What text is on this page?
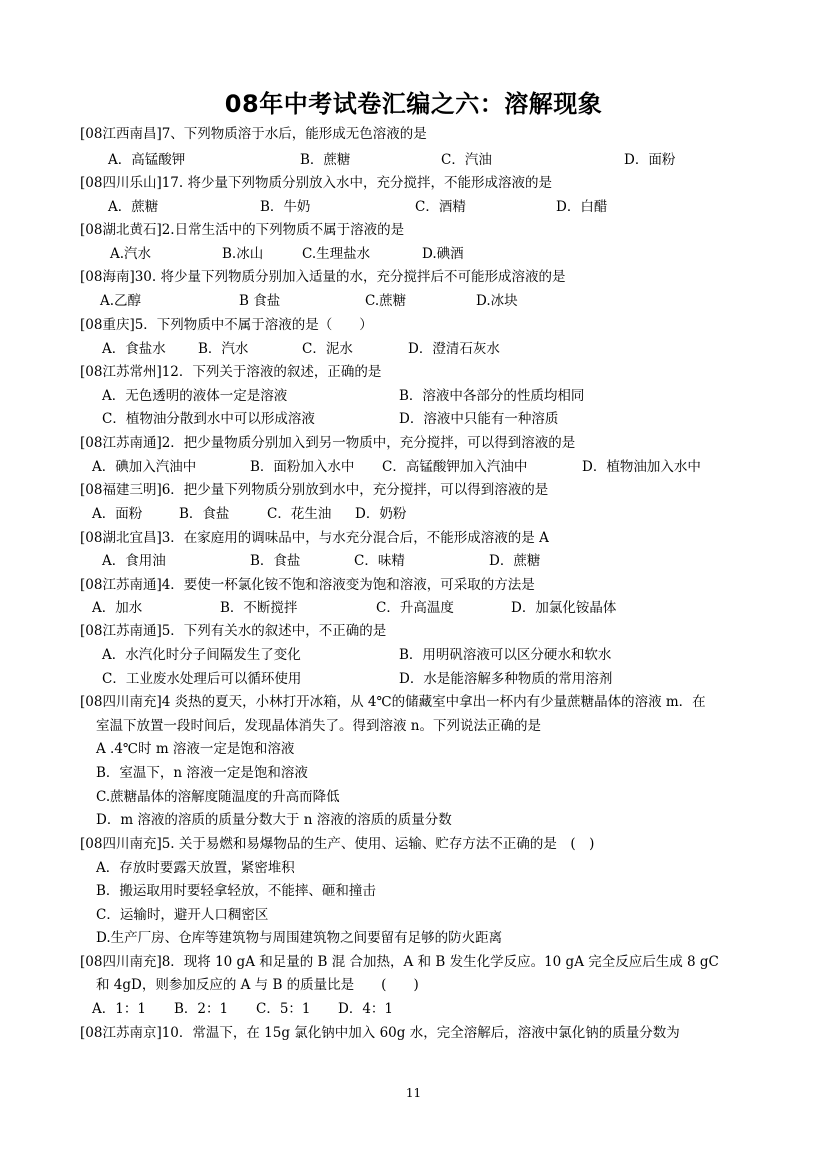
08年中考试卷汇编之六：溶解现象
[08江西南昌]7、下列物质溶于水后，能形成无色溶液的是
A．高锰酸钾	B．蔗糖	C．汽油	D．面粉
[08四川乐山]17. 将少量下列物质分别放入水中，充分搅拌，不能形成溶液的是
A．蔗糖	B．牛奶	C．酒精	D．白醋
[08湖北黄石]2.日常生活中的下列物质不属于溶液的是
A.汽水	B.冰山	C.生理盐水	D.碘酒
[08海南]30. 将少量下列物质分别加入适量的水，充分搅拌后不可能形成溶液的是
A.乙醇	B 食盐	C.蔗糖	D.冰块
[08重庆]5．下列物质中不属于溶液的是（　　）
A．食盐水	B．汽水	C．泥水	D．澄清石灰水
[08江苏常州]12．下列关于溶液的叙述，正确的是
A．无色透明的液体一定是溶液	B．溶液中各部分的性质均相同
C．植物油分散到水中可以形成溶液	D．溶液中只能有一种溶质
[08江苏南通]2．把少量物质分别加入到另一物质中，充分搅拌，可以得到溶液的是
A．碘加入汽油中	B．面粉加入水中	C．高锰酸钾加入汽油中	D．植物油加入水中
[08福建三明]6．把少量下列物质分别放到水中，充分搅拌，可以得到溶液的是
A．面粉	B．食盐	C．花生油	D．奶粉
[08湖北宜昌]3．在家庭用的调味品中，与水充分混合后，不能形成溶液的是 A
A．食用油	B．食盐	C．味精	D．蔗糖
[08江苏南通]4．要使一杯氯化铵不饱和溶液变为饱和溶液，可采取的方法是
A．加水	B．不断搅拌	C．升高温度	D．加氯化铵晶体
[08江苏南通]5．下列有关水的叙述中，不正确的是
A．水汽化时分子间隔发生了变化	B．用明矾溶液可以区分硬水和软水
C．工业废水处理后可以循环使用	D．水是能溶解多种物质的常用溶剂
[08四川南充]4 炎热的夏天，小林打开冰箱，从 4℃的储藏室中拿出一杯内有少量蔗糖晶体的溶液 m．在
室温下放置一段时间后，发现晶体消失了。得到溶液 n。下列说法正确的是
A .4℃时 m 溶液一定是饱和溶液
B．室温下，n 溶液一定是饱和溶液
C.蔗糖晶体的溶解度随温度的升高而降低
D．m 溶液的溶质的质量分数大于 n 溶液的溶质的质量分数
[08四川南充]5. 关于易燃和易爆物品的生产、使用、运输、贮存方法不正确的是　(　)
A．存放时要露天放置，紧密堆积
B．搬运取用时要轻拿轻放，不能摔、砸和撞击
C．运输时，避开人口稠密区
D.生产厂房、仓库等建筑物与周围建筑物之间要留有足够的防火距离
[08四川南充]8．现将 10 gA 和足量的 B 混 合加热，A 和 B 发生化学反应。10 gA 完全反应后生成 8 gC
和 4gD，则参加反应的 A 与 B 的质量比是　　(　　)
A．1：1	B．2：1	C．5：1	D．4：1
[08江苏南京]10．常温下，在 15g 氯化钠中加入 60g 水，完全溶解后，溶液中氯化钠的质量分数为
11
